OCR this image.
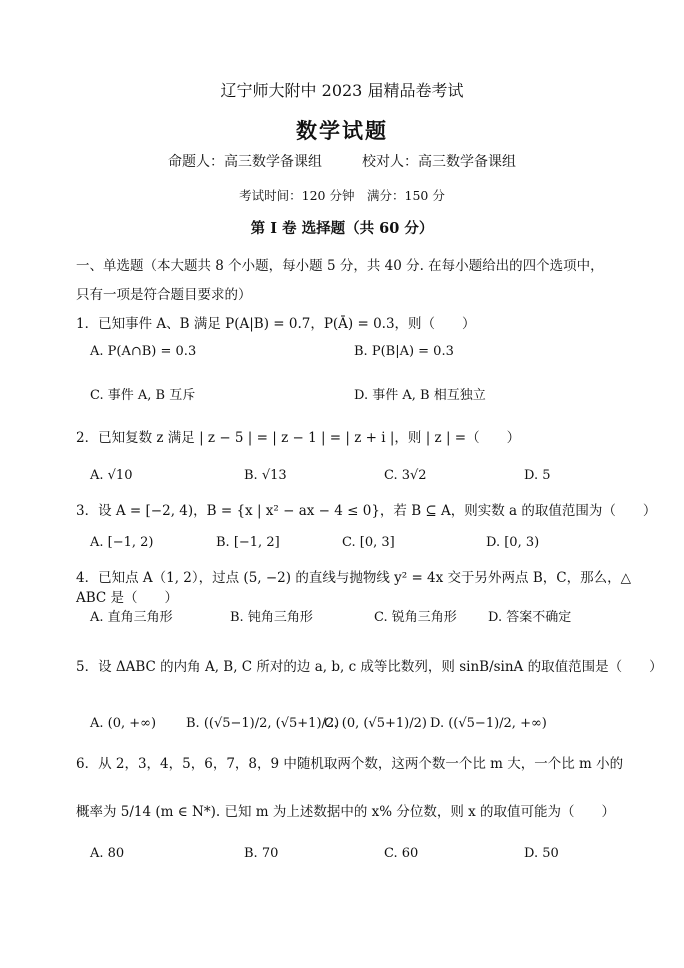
辽宁师大附中 2023 届精品卷考试
数学试题
命题人：高三数学备课组	校对人：高三数学备课组
考试时间：120 分钟　满分：150 分
第 Ⅰ 卷 选择题（共 60 分）
一、单选题（本大题共 8 个小题，每小题 5 分，共 40 分. 在每小题给出的四个选项中，
只有一项是符合题目要求的）
1．已知事件 A、B 满足 P(A|B) = 0.7，P(Ā) = 0.3，则（　　）
A. P(A∩B) = 0.3	B. P(B|A) = 0.3
C. 事件 A, B 互斥	D. 事件 A, B 相互独立
2．已知复数 z 满足 | z − 5 | = | z − 1 | = | z + i |，则 | z | =（　　）
A. √10	B. √13	C. 3√2	D. 5
3．设 A = [−2, 4)，B = {x | x² − ax − 4 ≤ 0}，若 B ⊆ A，则实数 a 的取值范围为（　　）
A. [−1, 2)	B. [−1, 2]	C. [0, 3]	D. [0, 3)
4．已知点 A（1, 2），过点 (5, −2) 的直线与抛物线 y² = 4x 交于另外两点 B，C，那么，△
ABC 是（　　）
A. 直角三角形	B. 钝角三角形	C. 锐角三角形 D. 答案不确定
5．设 ΔABC 的内角 A, B, C 所对的边 a, b, c 成等比数列，则 sinB/sinA 的取值范围是（　　）
A. (0, +∞) B. ((√5−1)/2, (√5+1)/2)
C. (0, (√5+1)/2) D. ((√5−1)/2, +∞)
6．从 2，3，4，5，6，7，8，9 中随机取两个数，这两个数一个比 m 大，一个比 m 小的
概率为 5/14 (m ∈ N*). 已知 m 为上述数据中的 x% 分位数，则 x 的取值可能为（　　）
A. 80	B. 70	C. 60	D. 50
